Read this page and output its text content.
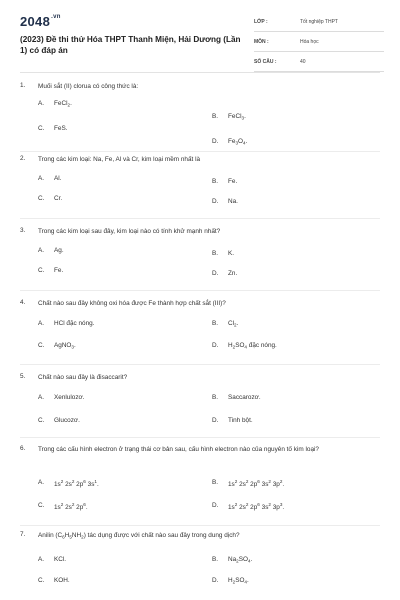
$2048^{.vn}$
(2023) Đề thi thử Hóa THPT Thanh Miện, Hải Dương (Lần 1) có đáp án
LỚP :	Tốt nghiệp THPT
MÔN :	Hóa học
SỐ CÂU :	40
1. Muối sắt (II) clorua có công thức là:
A. FeCl$_2$.
B. FeCl$_3$.
C. FeS.
D. $Fe_3O_4$.
2. Trong các kim loại: Na, Fe, Al và Cr, kim loại mềm nhất là
A. Al.	B. Fe.
C. Cr.	D. Na.
3. Trong các kim loại sau đây, kim loại nào có tính khử mạnh nhất?
A. Ag.	B. K.
C. Fe.	D. Zn.
4. Chất nào sau đây không oxi hóa được Fe thành hợp chất sắt (III)?
A. HCl đặc nóng.	B. $Cl_2$.
C. AgNO$_3$.	D. $H_2SO_4$ đặc nóng.
5. Chất nào sau đây là đisaccarit?
A. Xenlulozơ.	B. Saccarozơ.
C. Glucozơ.	D. Tinh bột.
6. Trong các cấu hình electron ở trạng thái cơ bản sau, cấu hình electron nào của nguyên tố kim loại?
A. $1s^2$ $2s^2$ $2p^6$ $3s^1$.	B. $1s^2$ $2s^2$ $2p^6$ $3s^2$ $3p^2$.
C. $1s^2$ $2s^2$ $2p^6$.	D. $1s^2$ $2s^2$ $2p^6$ $3s^2$ $3p^3$.
7. Anilin $(C_6H_5NH_2)$ tác dụng được với chất nào sau đây trong dung dịch?
A. KCl.	B. $Na_2SO_4$.
C. KOH.	D. $H_2SO_4$.
